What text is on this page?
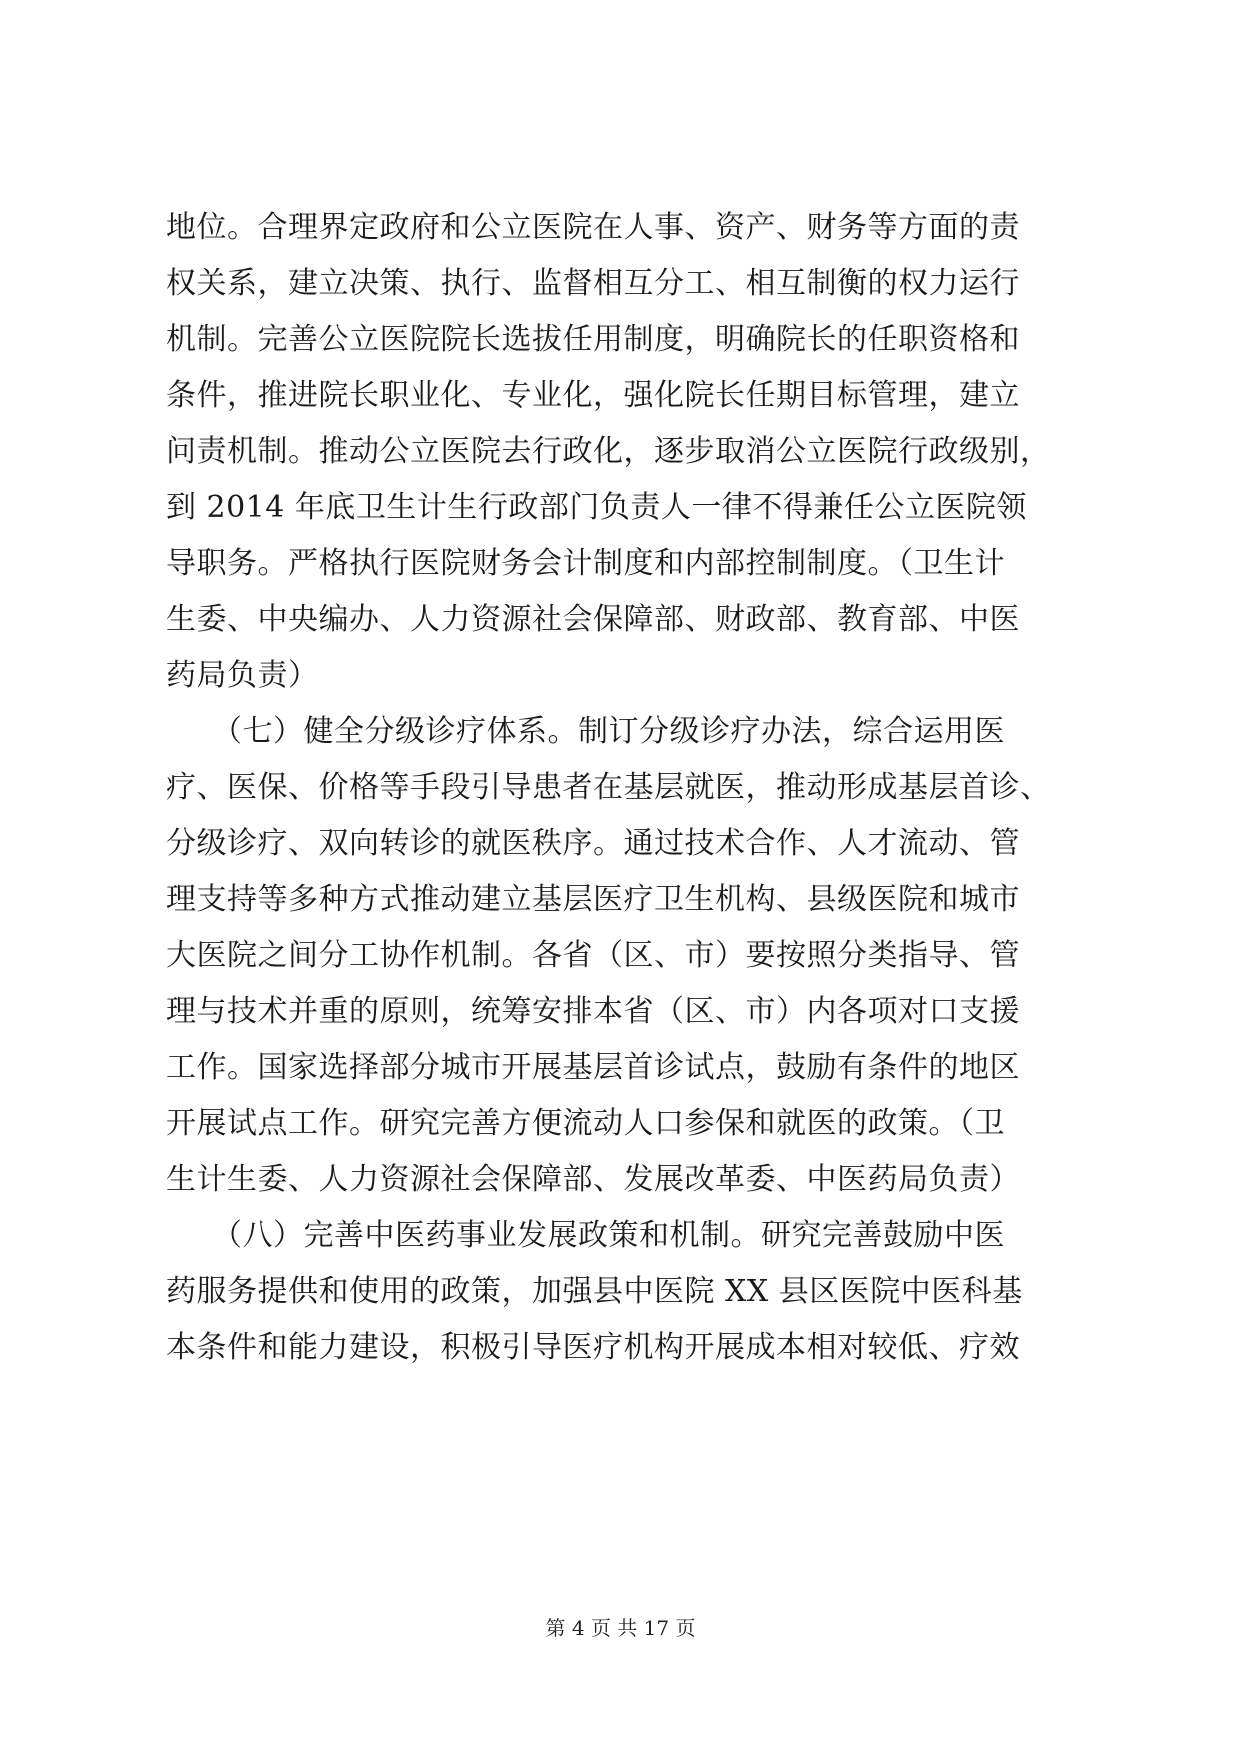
地位。合理界定政府和公立医院在人事、资产、财务等方面的责
权关系，建立决策、执行、监督相互分工、相互制衡的权力运行
机制。完善公立医院院长选拔任用制度，明确院长的任职资格和
条件，推进院长职业化、专业化，强化院长任期目标管理，建立
问责机制。推动公立医院去行政化，逐步取消公立医院行政级别，
到 2014 年底卫生计生行政部门负责人一律不得兼任公立医院领
导职务。严格执行医院财务会计制度和内部控制制度。（卫生计
生委、中央编办、人力资源社会保障部、财政部、教育部、中医
药局负责）
　　（七）健全分级诊疗体系。制订分级诊疗办法，综合运用医
疗、医保、价格等手段引导患者在基层就医，推动形成基层首诊、
分级诊疗、双向转诊的就医秩序。通过技术合作、人才流动、管
理支持等多种方式推动建立基层医疗卫生机构、县级医院和城市
大医院之间分工协作机制。各省（区、市）要按照分类指导、管
理与技术并重的原则，统筹安排本省（区、市）内各项对口支援
工作。国家选择部分城市开展基层首诊试点，鼓励有条件的地区
开展试点工作。研究完善方便流动人口参保和就医的政策。（卫
生计生委、人力资源社会保障部、发展改革委、中医药局负责）
　　（八）完善中医药事业发展政策和机制。研究完善鼓励中医
药服务提供和使用的政策，加强县中医院 XX 县区医院中医科基
本条件和能力建设，积极引导医疗机构开展成本相对较低、疗效
第 4 页 共 17 页
